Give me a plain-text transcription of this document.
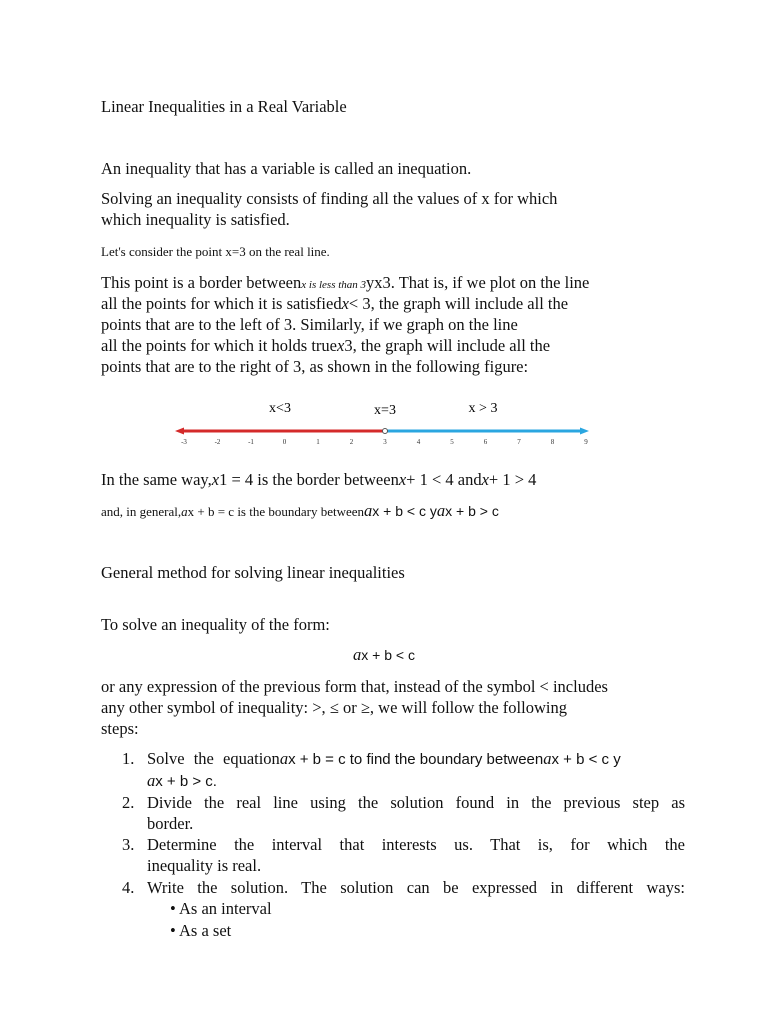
Linear Inequalities in a Real Variable
An inequality that has a variable is called an inequation.
Solving an inequality consists of finding all the values of x for which
which inequality is satisfied.
Let's consider the point x=3 on the real line.
This point is a border betweenx is less than 3yx3. That is, if we plot on the line
all the points for which it is satisfiedx< 3, the graph will include all the
points that are to the left of 3. Similarly, if we graph on the line
all the points for which it holds truex3, the graph will include all the
points that are to the right of 3, as shown in the following figure:
x<3	x=3	x > 3
-3	-2	-1	0	1	2	3	4	5	6	7	8	9
In the same way,x1 = 4 is the border betweenx+ 1 < 4 andx+ 1 > 4
and, in general,ax + b = c is the boundary betweenax + b < c yax + b > c
General method for solving linear inequalities
To solve an inequality of the form:
ax + b < c
or any expression of the previous form that, instead of the symbol < includes
any other symbol of inequality: >, ≤ or ≥, we will follow the following
steps:
1. Solve the equationax + b = c to find the boundary betweenax + b < c y
ax + b > c.
2. Divide the real line using the solution found in the previous step as
border.
3. Determine the interval that interests us. That is, for which the
inequality is real.
4. Write the solution. The solution can be expressed in different ways:
• As an interval
• As a set
